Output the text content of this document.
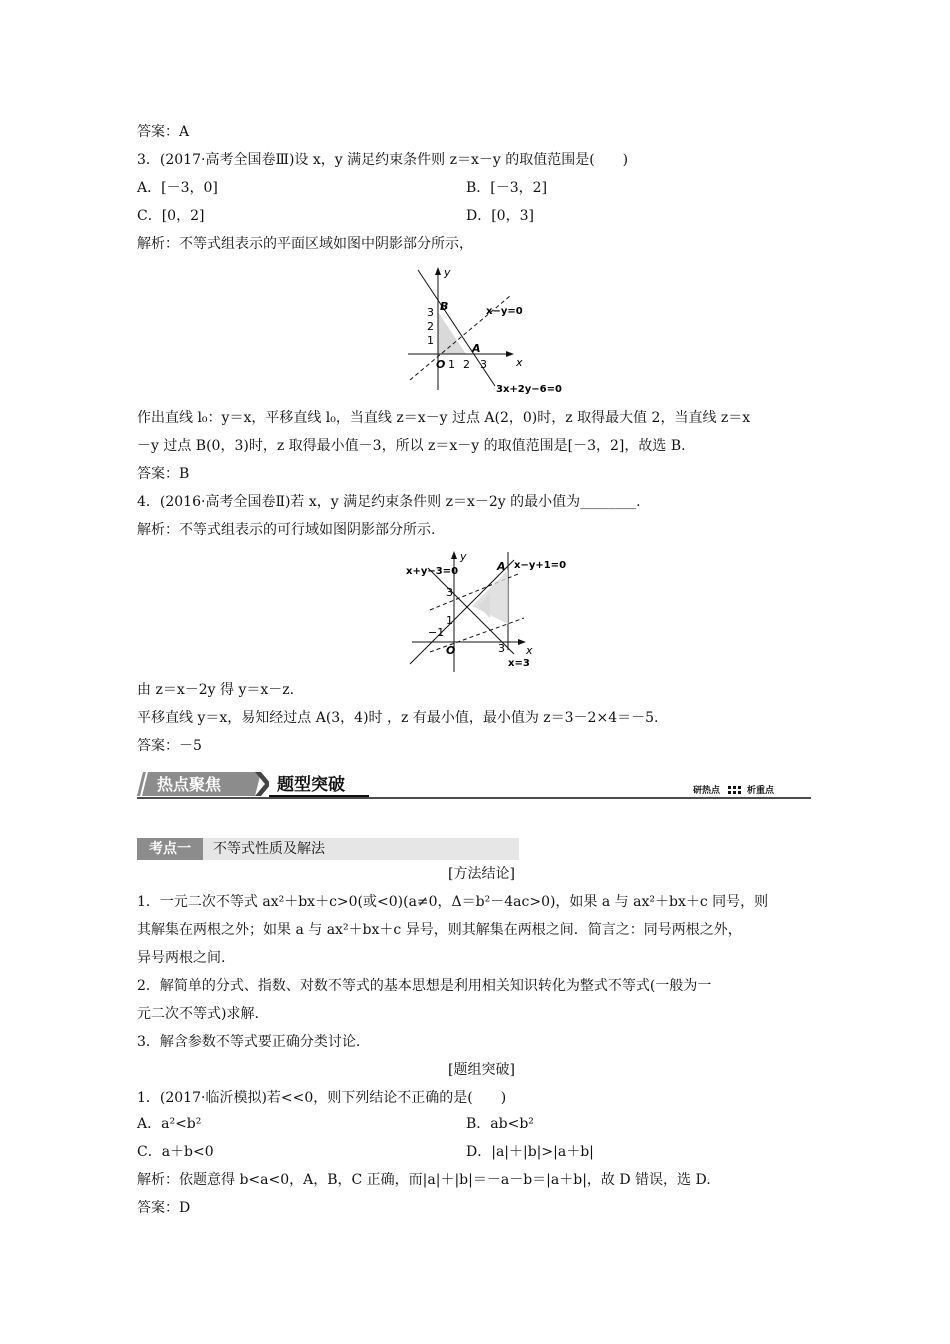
答案：A
3．(2017·高考全国卷Ⅲ)设 x，y 满足约束条件则 z＝x－y 的取值范围是(　　)
A．[－3，0]	B．[－3，2]
C．[0，2]	D．[0，3]
解析：不等式组表示的平面区域如图中阴影部分所示，
3
2
1
1 2 3
O
B
A
y
x
x−y=0
3x+2y−6=0
作出直线 l₀：y＝x，平移直线 l₀，当直线 z＝x－y 过点 A(2，0)时，z 取得最大值 2，当直线 z＝x
－y 过点 B(0，3)时，z 取得最小值－3，所以 z＝x－y 的取值范围是[－3，2]，故选 B.
答案：B
4．(2016·高考全国卷Ⅱ)若 x，y 满足约束条件则 z＝x－2y 的最小值为________.
解析：不等式组表示的可行域如图阴影部分所示.
3
1
−1
3
O
A
y
x
x+y−3=0
x−y+1=0
x=3
由 z＝x－2y 得 y＝x－z.
平移直线 y＝x，易知经过点 A(3，4)时 ，z 有最小值，最小值为 z＝3－2×4＝－5.
答案：－5
热点聚焦	题型突破	研热点	析重点
考点一	不等式性质及解法
[方法结论]
1．一元二次不等式 ax²＋bx＋c>0(或<0)(a≠0，Δ＝b²－4ac>0)，如果 a 与 ax²＋bx＋c 同号，则
其解集在两根之外；如果 a 与 ax²＋bx＋c 异号，则其解集在两根之间．简言之：同号两根之外，
异号两根之间.
2．解简单的分式、指数、对数不等式的基本思想是利用相关知识转化为整式不等式(一般为一
元二次不等式)求解.
3．解含参数不等式要正确分类讨论.
[题组突破]
1．(2017·临沂模拟)若<<0，则下列结论不正确的是(　　)
A．a²<b²	B．ab<b²
C．a＋b<0	D．|a|＋|b|>|a＋b|
解析：依题意得 b<a<0，A，B，C 正确，而|a|＋|b|＝－a－b＝|a＋b|，故 D 错误，选 D.
答案：D
